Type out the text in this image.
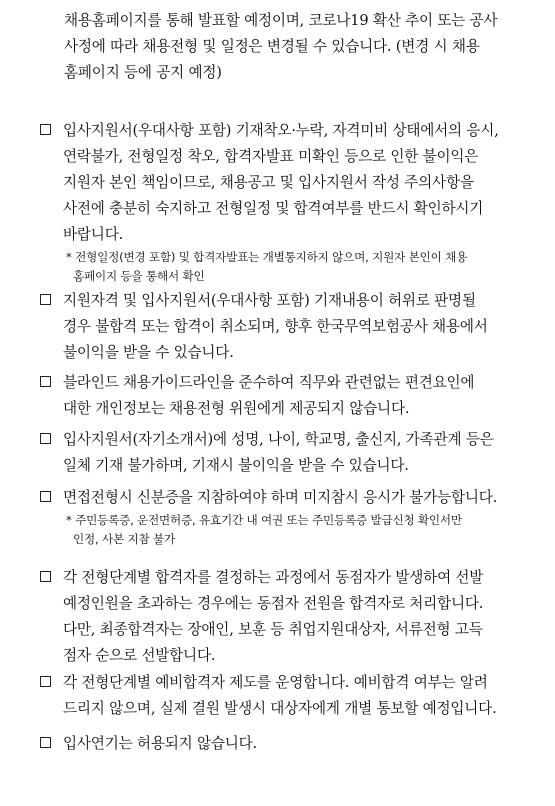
채용홈페이지를 통해 발표할 예정이며, 코로나19 확산 추이 또는 공사
사정에 따라 채용전형 및 일정은 변경될 수 있습니다. (변경 시 채용
홈페이지 등에 공지 예정)
입사지원서(우대사항 포함) 기재착오·누락, 자격미비 상태에서의 응시,
연락불가, 전형일정 착오, 합격자발표 미확인 등으로 인한 불이익은
지원자 본인 책임이므로, 채용공고 및 입사지원서 작성 주의사항을
사전에 충분히 숙지하고 전형일정 및 합격여부를 반드시 확인하시기
바랍니다.
* 전형일정(변경 포함) 및 합격자발표는 개별통지하지 않으며, 지원자 본인이 채용
홈페이지 등을 통해서 확인
지원자격 및 입사지원서(우대사항 포함) 기재내용이 허위로 판명될
경우 불합격 또는 합격이 취소되며, 향후 한국무역보험공사 채용에서
불이익을 받을 수 있습니다.
블라인드 채용가이드라인을 준수하여 직무와 관련없는 편견요인에
대한 개인정보는 채용전형 위원에게 제공되지 않습니다.
입사지원서(자기소개서)에 성명, 나이, 학교명, 출신지, 가족관계 등은
일체 기재 불가하며, 기재시 불이익을 받을 수 있습니다.
면접전형시 신분증을 지참하여야 하며 미지참시 응시가 불가능합니다.
* 주민등록증, 운전면허증, 유효기간 내 여권 또는 주민등록증 발급신청 확인서만
인정, 사본 지참 불가
각 전형단계별 합격자를 결정하는 과정에서 동점자가 발생하여 선발
예정인원을 초과하는 경우에는 동점자 전원을 합격자로 처리합니다.
다만, 최종합격자는 장애인, 보훈 등 취업지원대상자, 서류전형 고득
점자 순으로 선발합니다.
각 전형단계별 예비합격자 제도를 운영합니다. 예비합격 여부는 알려
드리지 않으며, 실제 결원 발생시 대상자에게 개별 통보할 예정입니다.
입사연기는 허용되지 않습니다.
